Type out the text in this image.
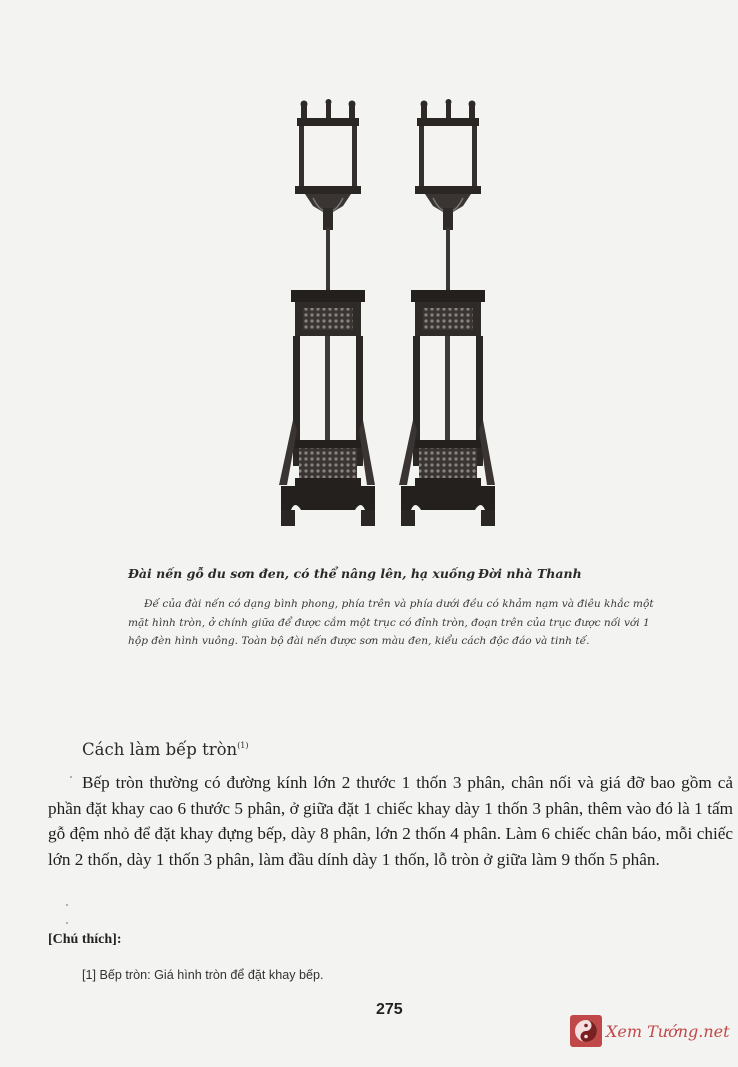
Đài nến gỗ du sơn đen, có thể nâng lên, hạ xuống Đời nhà Thanh
Đế của đài nến có dạng bình phong, phía trên và phía dưới đều có khảm nạm và điêu khắc một mặt hình tròn, ở chính giữa để được cắm một trục có đỉnh tròn, đoạn trên của trục được nối với 1 hộp đèn hình vuông. Toàn bộ đài nến được sơn màu đen, kiểu cách độc đáo và tinh tế.
Cách làm bếp tròn$^{(1)}$
Bếp tròn thường có đường kính lớn 2 thước 1 thốn 3 phân, chân nối và giá đỡ bao gồm cả phần đặt khay cao 6 thước 5 phân, ở giữa đặt 1 chiếc khay dày 1 thốn 3 phân, thêm vào đó là 1 tấm gỗ đệm nhỏ để đặt khay đựng bếp, dày 8 phân, lớn 2 thốn 4 phân. Làm 6 chiếc chân báo, mỗi chiếc lớn 2 thốn, dày 1 thốn 3 phân, làm đầu dính dày 1 thốn, lỗ tròn ở giữa làm 9 thốn 5 phân.
[Chú thích]:
[1] Bếp tròn: Giá hình tròn để đặt khay bếp.
275
Xem Tướng.net
